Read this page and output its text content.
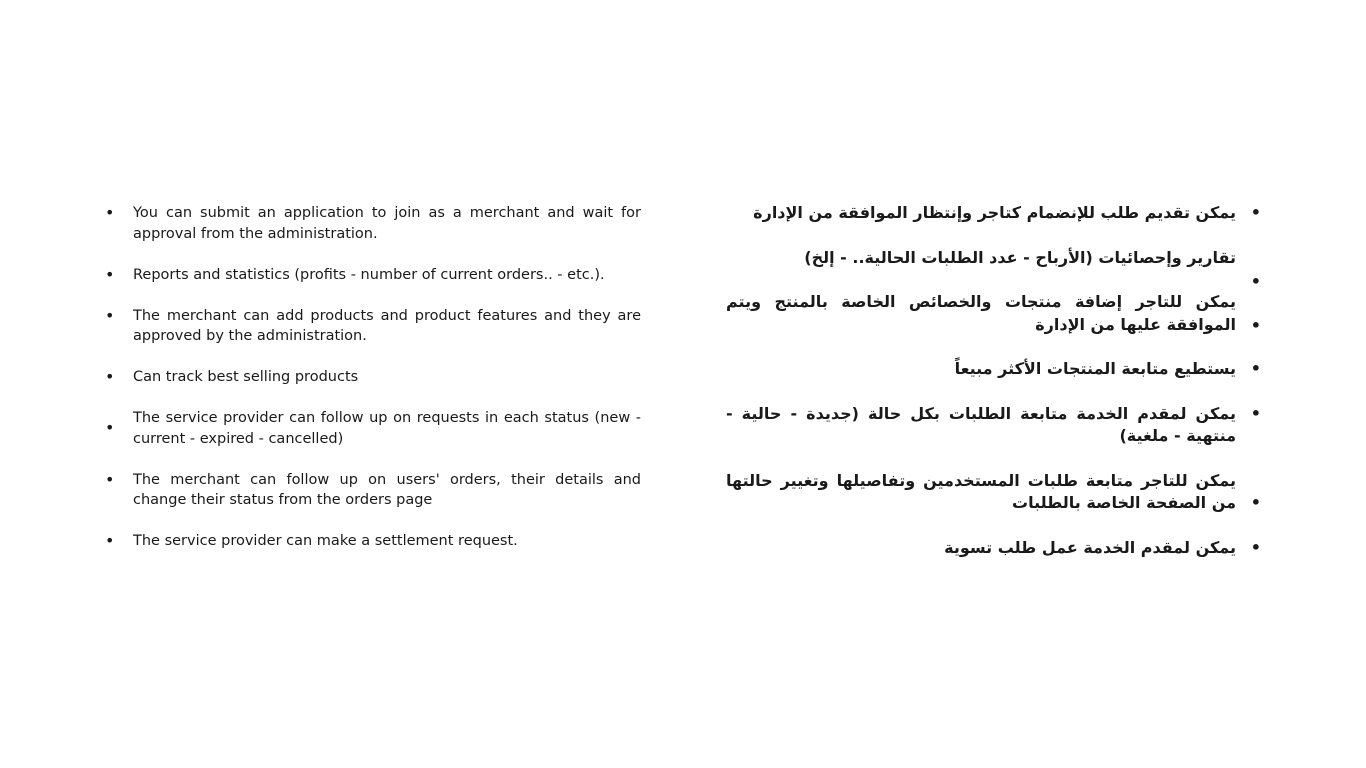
• You can submit an application to join as a merchant and wait for approval from the administration.
• Reports and statistics (profits - number of current orders.. - etc.).
• The merchant can add products and product features and they are approved by the administration.
• Can track best selling products
• The service provider can follow up on requests in each status (new - current - expired - cancelled)
• The merchant can follow up on users' orders, their details and change their status from the orders page
• The service provider can make a settlement request.
•
يمكن تقديم طلب للإنضمام كتاجر وإنتظار الموافقة من الإدارة
•
تقارير وإحصائيات (الأرباح - عدد الطلبات الحالية.. - إلخ)
•
يمكن للتاجر إضافة منتجات والخصائص الخاصة بالمنتج ويتم الموافقة عليها من الإدارة
•
يستطيع متابعة المنتجات الأكثر مبيعاً
•
يمكن لمقدم الخدمة متابعة الطلبات بكل حالة (جديدة - حالية - منتهية - ملغية)
•
يمكن للتاجر متابعة طلبات المستخدمين وتفاصيلها وتغيير حالتها من الصفحة الخاصة بالطلبات
•
يمكن لمقدم الخدمة عمل طلب تسوية
